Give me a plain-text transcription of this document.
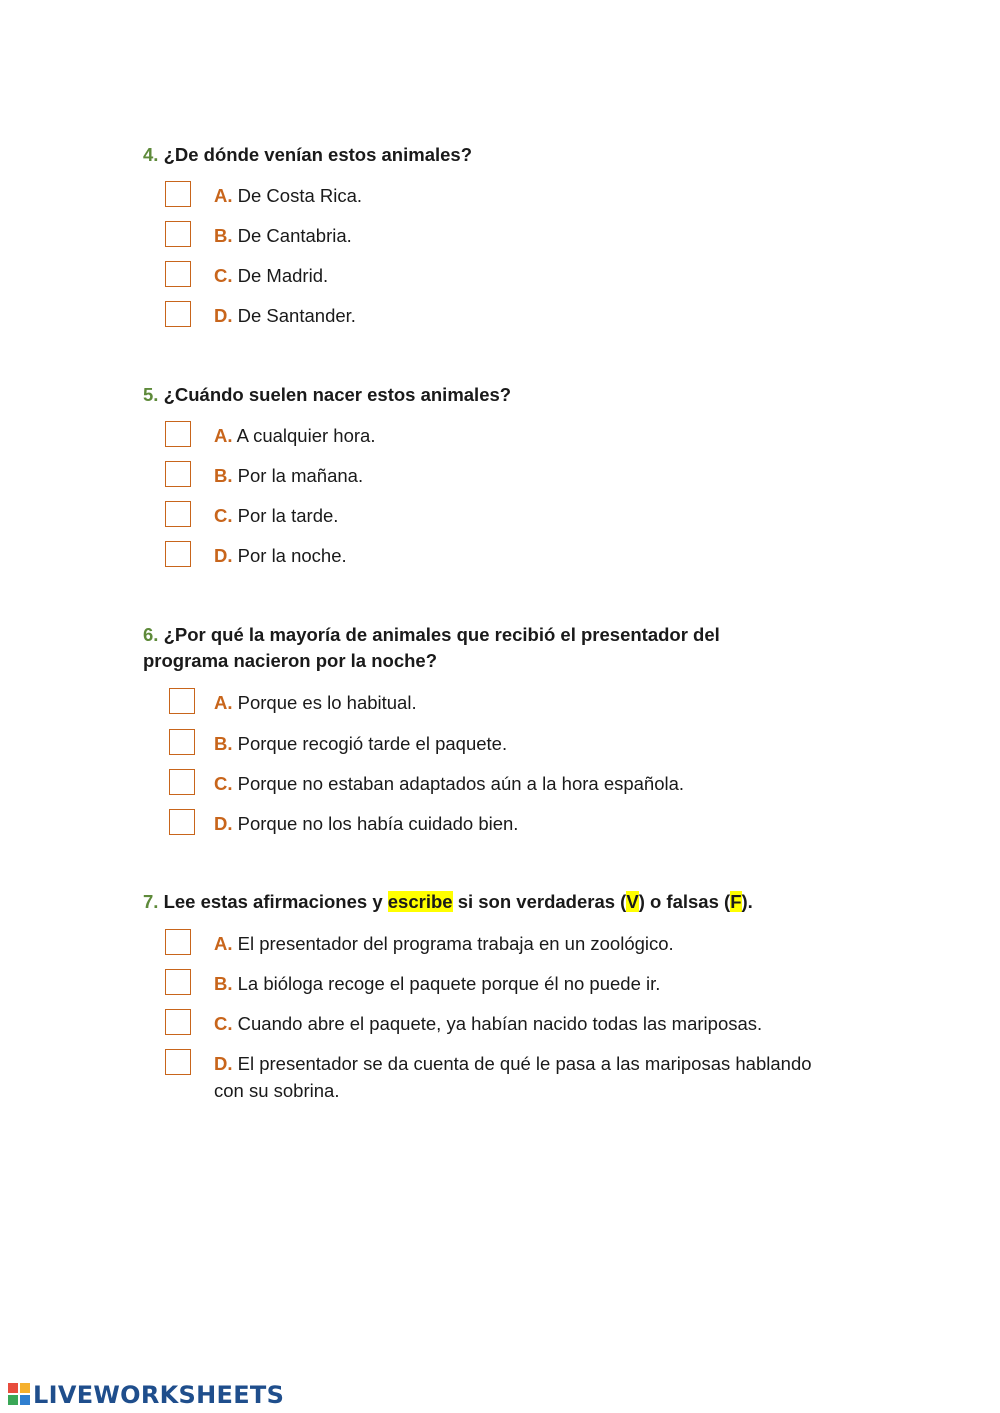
4. ¿De dónde venían estos animales?

A. De Costa Rica.
B. De Cantabria.
C. De Madrid.
D. De Santander.

5. ¿Cuándo suelen nacer estos animales?

A. A cualquier hora.
B. Por la mañana.
C. Por la tarde.
D. Por la noche.

6. ¿Por qué la mayoría de animales que recibió el presentador del programa nacieron por la noche?

A. Porque es lo habitual.
B. Porque recogió tarde el paquete.
C. Porque no estaban adaptados aún a la hora española.
D. Porque no los había cuidado bien.

7. Lee estas afirmaciones y escribe si son verdaderas (V) o falsas (F).

A. El presentador del programa trabaja en un zoológico.
B. La bióloga recoge el paquete porque él no puede ir.
C. Cuando abre el paquete, ya habían nacido todas las mariposas.
D. El presentador se da cuenta de qué le pasa a las mariposas hablando con su sobrina.
LIVEWORKSHEETS
